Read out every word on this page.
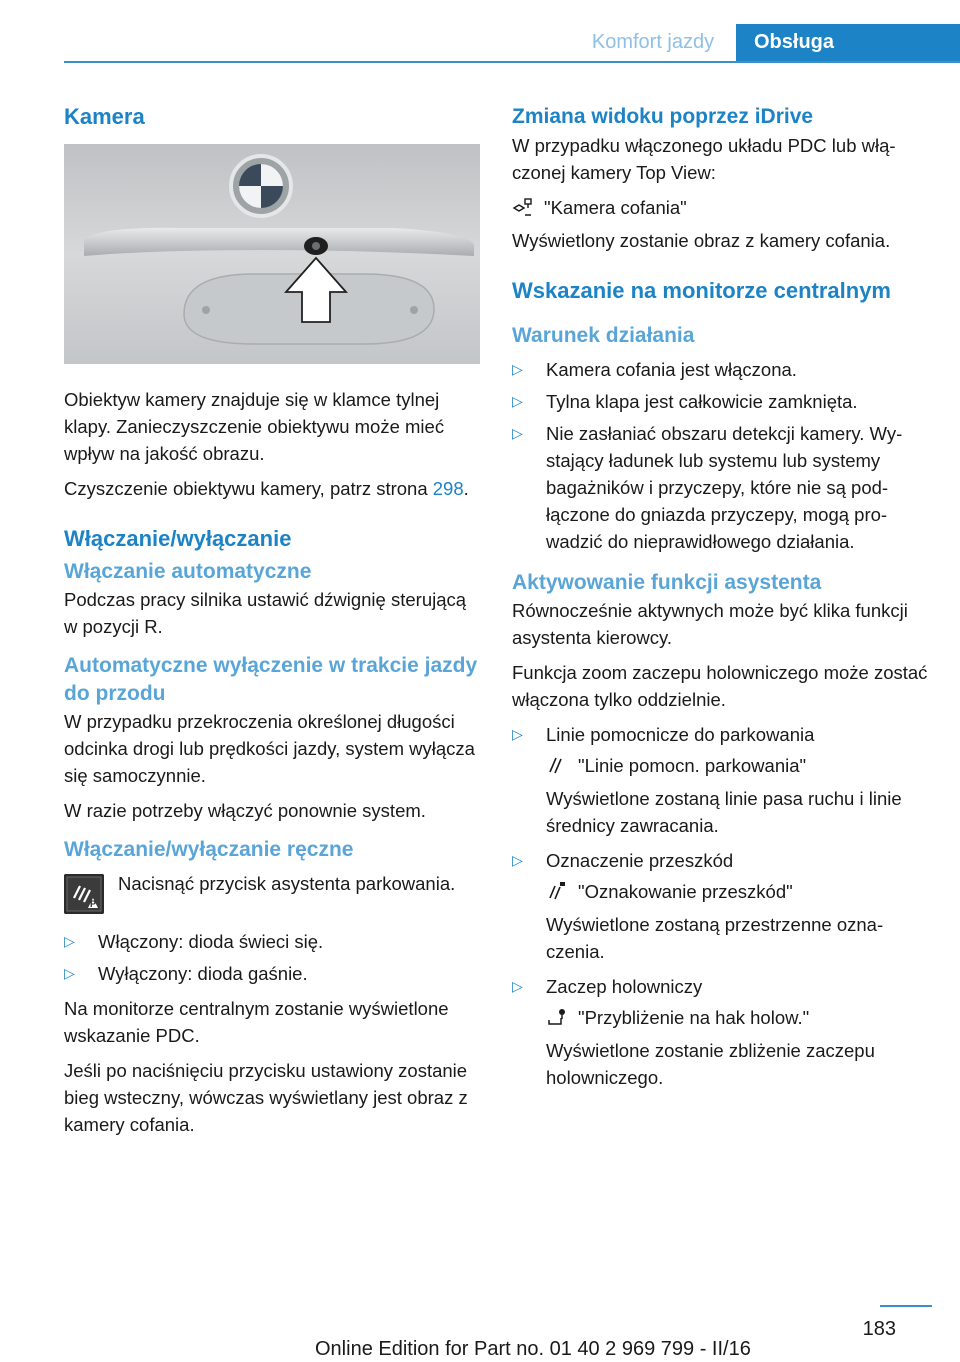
Komfort jazdy	Obsługa
Kamera

Obiektyw kamery znajduje się w klamce tylnej klapy. Zanieczyszczenie obiektywu może mieć wpływ na jakość obrazu.

Czyszczenie obiektywu kamery, patrz strona 298.

Włączanie/wyłączanie
Włączanie automatyczne

Podczas pracy silnika ustawić dźwignię sterującą w pozycji R.

Automatyczne wyłączenie w trakcie jazdy do przodu

W przypadku przekroczenia określonej długości odcinka drogi lub prędkości jazdy, system wyłącza się samoczynnie.

W razie potrzeby włączyć ponownie system.

Włączanie/wyłączanie ręczne
P

Nacisnąć przycisk asystenta parkowania.

▷ Włączony: dioda świeci się.
▷ Wyłączony: dioda gaśnie.

Na monitorze centralnym zostanie wyświetlone wskazanie PDC.

Jeśli po naciśnięciu przycisku ustawiony zostanie bieg wsteczny, wówczas wyświetlany jest obraz z kamery cofania.

Zmiana widoku poprzez iDrive

W przypadku włączonego układu PDC lub włączonej kamery Top View:

"Kamera cofania"

Wyświetlony zostanie obraz z kamery cofania.

Wskazanie na monitorze centralnym
Warunek działania
▷ Kamera cofania jest włączona.
▷ Tylna klapa jest całkowicie zamknięta.
▷ Nie zasłaniać obszaru detekcji kamery. Wystający ładunek lub systemu lub systemy bagażników i przyczepy, które nie są podłączone do gniazda przyczepy, mogą prowadzić do nieprawidłowego działania.
Aktywowanie funkcji asystenta

Równocześnie aktywnych może być klika funkcji asystenta kierowcy.

Funkcja zoom zaczepu holowniczego może zostać włączona tylko oddzielnie.

▷ Linie pomocnicze do parkowania
"Linie pomocn. parkowania"
Wyświetlone zostaną linie pasa ruchu i linie średnicy zawracania.
▷ Oznaczenie przeszkód
"Oznakowanie przeszkód"
Wyświetlone zostaną przestrzenne oznaczenia.
▷ Zaczep holowniczy
"Przybliżenie na hak holow."
Wyświetlone zostanie zbliżenie zaczepu holowniczego.
183
Online Edition for Part no. 01 40 2 969 799 - II/16
